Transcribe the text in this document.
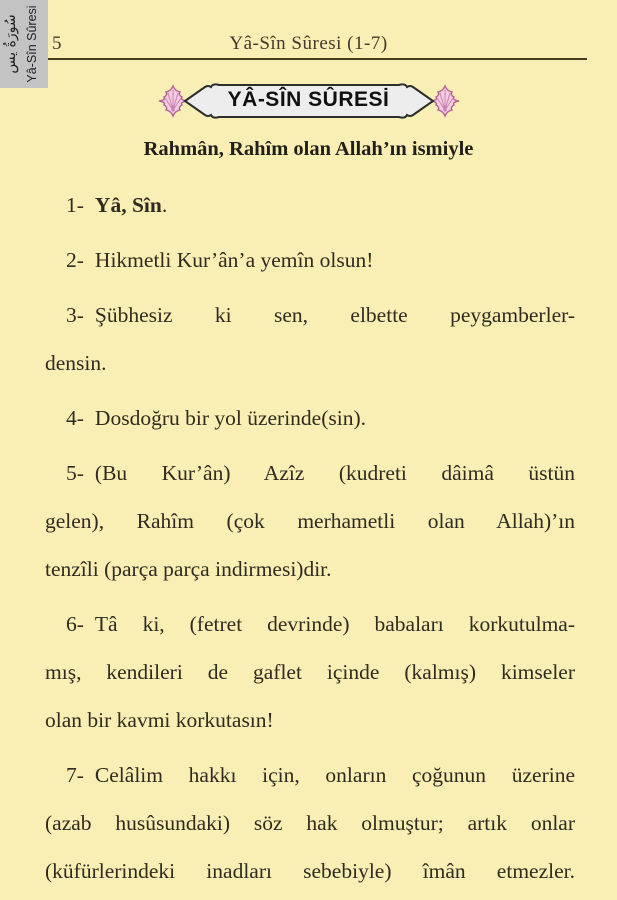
سُورَةُ يس Yâ-Sîn Sûresi 5	Yâ-Sîn Sûresi (1-7)
YÂ-SÎN SÛRESİ
Rahmân, Rahîm olan Allah’ın ismiyle

1- Yâ, Sîn.

2- Hikmetli Kur’ân’a yemîn olsun!

3- Şübhesiz ki sen, elbette peygamberler-
densin.

4- Dosdoğru bir yol üzerinde(sin).

5- (Bu Kur’ân) Azîz (kudreti dâimâ üstün
gelen), Rahîm (çok merhametli olan Allah)’ın
tenzîli (parça parça indirmesi)dir.

6- Tâ ki, (fetret devrinde) babaları korkutulma-
mış, kendileri de gaflet içinde (kalmış) kimseler
olan bir kavmi korkutasın!

7- Celâlim hakkı için, onların çoğunun üzerine
(azab husûsundaki) söz hak olmuştur; artık onlar
(küfürlerindeki inadları sebebiyle) îmân etmezler.
